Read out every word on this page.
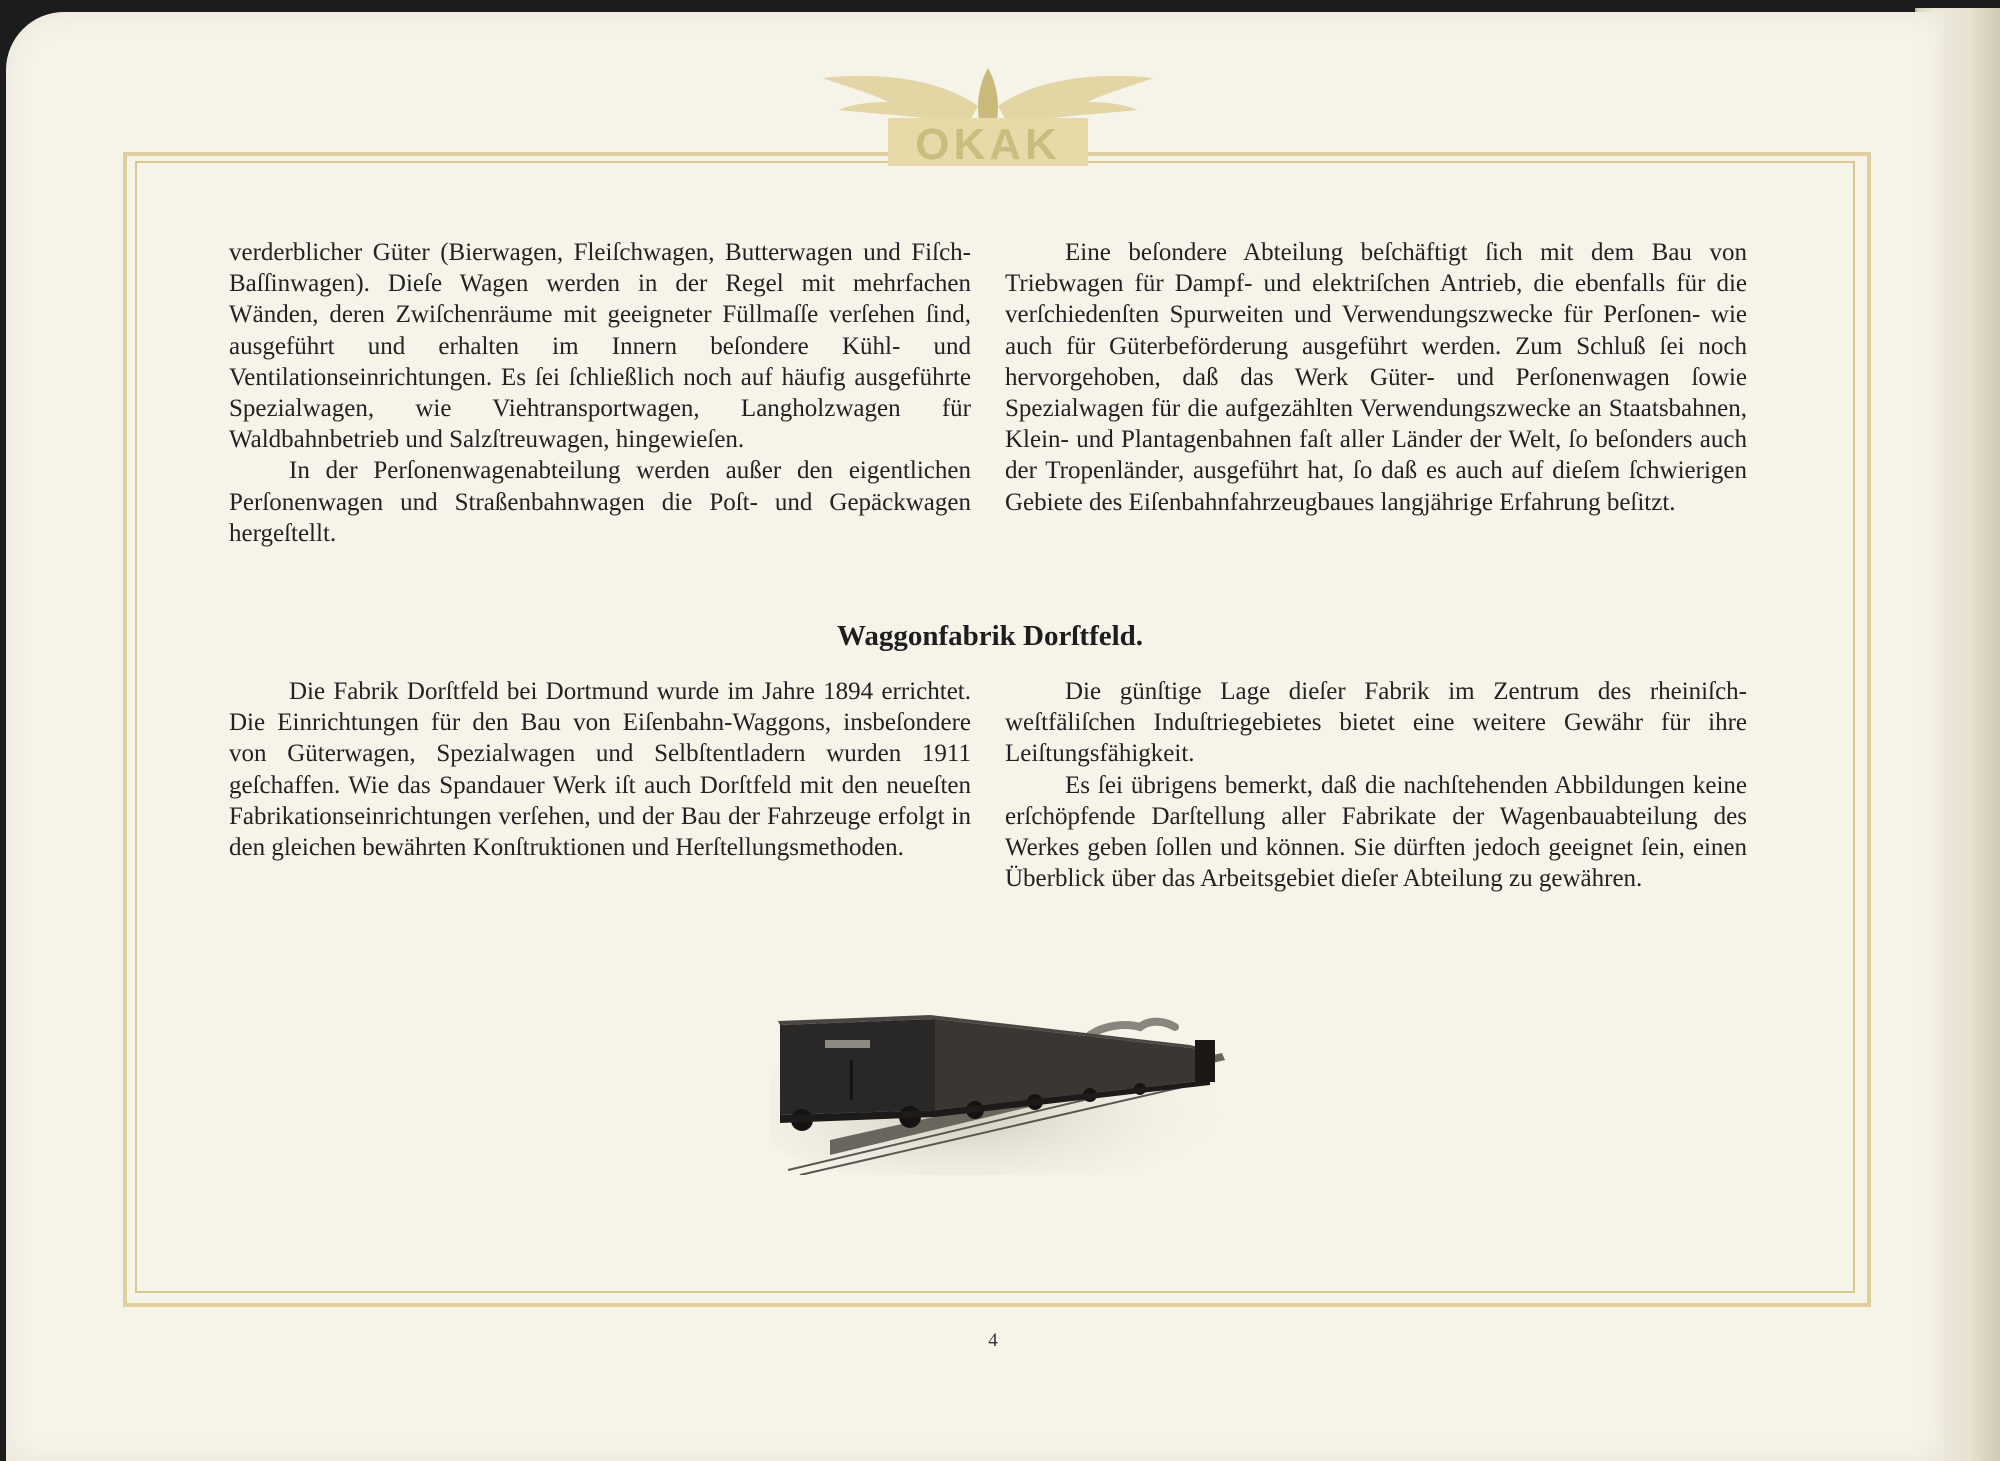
OKAK

verderblicher Güter (Bierwagen, Fleiſchwagen, Butterwagen und Fiſch-Baſſinwagen). Dieſe Wagen werden in der Regel mit mehrfachen Wänden, deren Zwiſchenräume mit geeigneter Füllmaſſe verſehen ſind, ausgeführt und erhalten im Innern beſondere Kühl- und Ventilationseinrichtungen. Es ſei ſchließlich noch auf häufig ausgeführte Spezialwagen, wie Viehtransportwagen, Langholzwagen für Waldbahnbetrieb und Salzſtreuwagen, hingewieſen.

In der Perſonenwagenabteilung werden außer den eigentlichen Perſonenwagen und Straßenbahnwagen die Poſt- und Gepäckwagen hergeſtellt.

Eine beſondere Abteilung beſchäftigt ſich mit dem Bau von Triebwagen für Dampf- und elektriſchen Antrieb, die ebenfalls für die verſchiedenſten Spurweiten und Verwendungszwecke für Perſonen- wie auch für Güterbeförderung ausgeführt werden. Zum Schluß ſei noch hervorgehoben, daß das Werk Güter- und Perſonenwagen ſowie Spezialwagen für die aufgezählten Verwendungszwecke an Staatsbahnen, Klein- und Plantagenbahnen faſt aller Länder der Welt, ſo beſonders auch der Tropenländer, ausgeführt hat, ſo daß es auch auf dieſem ſchwierigen Gebiete des Eiſenbahnfahrzeugbaues langjährige Erfahrung beſitzt.

Waggonfabrik Dorſtfeld.

Die Fabrik Dorſtfeld bei Dortmund wurde im Jahre 1894 errichtet. Die Einrichtungen für den Bau von Eiſenbahn-Waggons, insbeſondere von Güterwagen, Spezialwagen und Selbſtentladern wurden 1911 geſchaffen. Wie das Spandauer Werk iſt auch Dorſtfeld mit den neueſten Fabrikationseinrichtungen verſehen, und der Bau der Fahrzeuge erfolgt in den gleichen bewährten Konſtruktionen und Herſtellungsmethoden.

Die günſtige Lage dieſer Fabrik im Zentrum des rheiniſch-weſtfäliſchen Induſtriegebietes bietet eine weitere Gewähr für ihre Leiſtungsfähigkeit.

Es ſei übrigens bemerkt, daß die nachſtehenden Abbildungen keine erſchöpfende Darſtellung aller Fabrikate der Wagenbauabteilung des Werkes geben ſollen und können. Sie dürften jedoch geeignet ſein, einen Überblick über das Arbeitsgebiet dieſer Abteilung zu gewähren.

4
